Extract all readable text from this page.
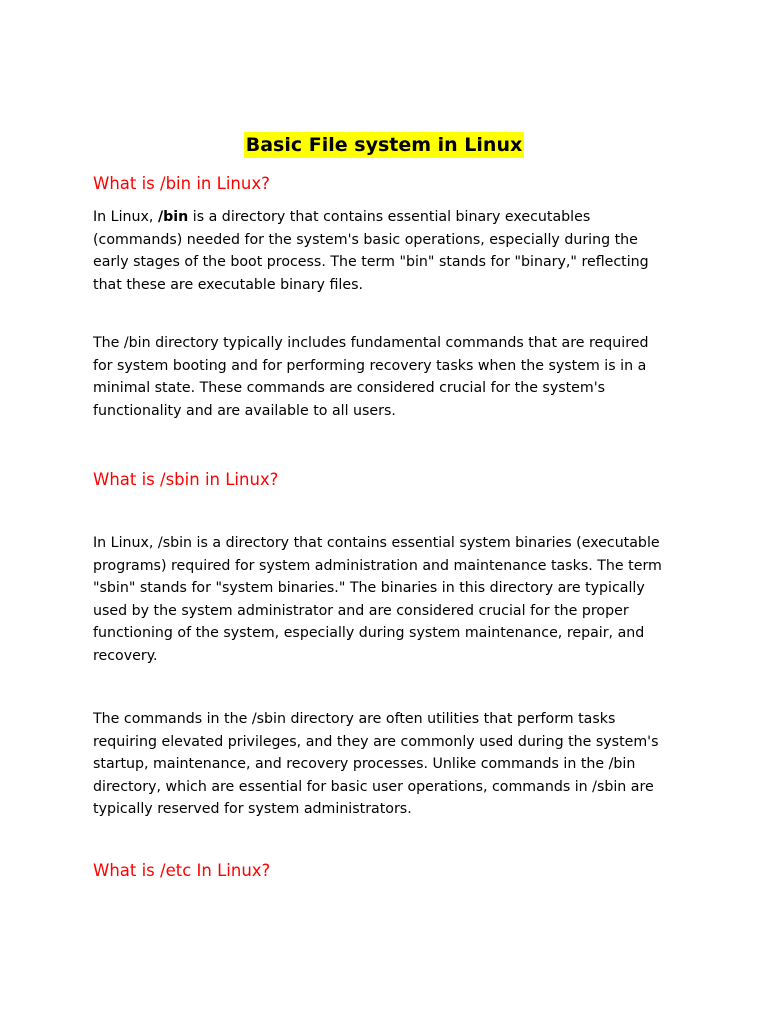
Basic File system in Linux
What is /bin in Linux?

In Linux, /bin is a directory that contains essential binary executables
(commands) needed for the system's basic operations, especially during the
early stages of the boot process. The term "bin" stands for "binary," reflecting
that these are executable binary files.

The /bin directory typically includes fundamental commands that are required
for system booting and for performing recovery tasks when the system is in a
minimal state. These commands are considered crucial for the system's
functionality and are available to all users.

What is /sbin in Linux?

In Linux, /sbin is a directory that contains essential system binaries (executable
programs) required for system administration and maintenance tasks. The term
"sbin" stands for "system binaries." The binaries in this directory are typically
used by the system administrator and are considered crucial for the proper
functioning of the system, especially during system maintenance, repair, and
recovery.

The commands in the /sbin directory are often utilities that perform tasks
requiring elevated privileges, and they are commonly used during the system's
startup, maintenance, and recovery processes. Unlike commands in the /bin
directory, which are essential for basic user operations, commands in /sbin are
typically reserved for system administrators.

What is /etc In Linux?
